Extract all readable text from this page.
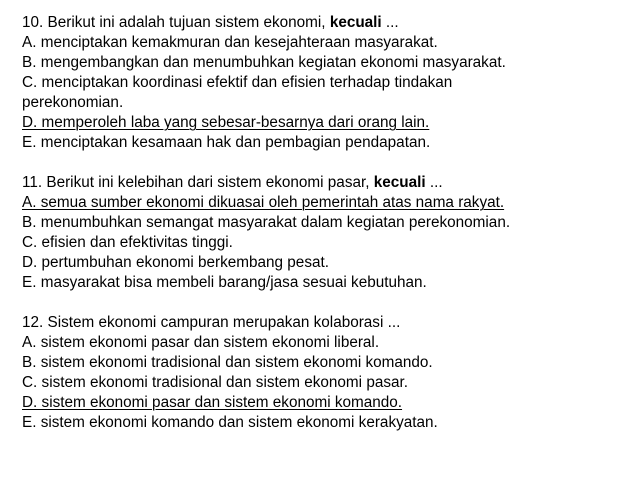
10. Berikut ini adalah tujuan sistem ekonomi, kecuali ...
A. menciptakan kemakmuran dan kesejahteraan masyarakat.
B. mengembangkan dan menumbuhkan kegiatan ekonomi masyarakat.
C. menciptakan koordinasi efektif dan efisien terhadap tindakan
perekonomian.
D. memperoleh laba yang sebesar-besarnya dari orang lain.
E. menciptakan kesamaan hak dan pembagian pendapatan.
11. Berikut ini kelebihan dari sistem ekonomi pasar, kecuali ...
A. semua sumber ekonomi dikuasai oleh pemerintah atas nama rakyat.
B. menumbuhkan semangat masyarakat dalam kegiatan perekonomian.
C. efisien dan efektivitas tinggi.
D. pertumbuhan ekonomi berkembang pesat.
E. masyarakat bisa membeli barang/jasa sesuai kebutuhan.
12. Sistem ekonomi campuran merupakan kolaborasi ...
A. sistem ekonomi pasar dan sistem ekonomi liberal.
B. sistem ekonomi tradisional dan sistem ekonomi komando.
C. sistem ekonomi tradisional dan sistem ekonomi pasar.
D. sistem ekonomi pasar dan sistem ekonomi komando.
E. sistem ekonomi komando dan sistem ekonomi kerakyatan.
